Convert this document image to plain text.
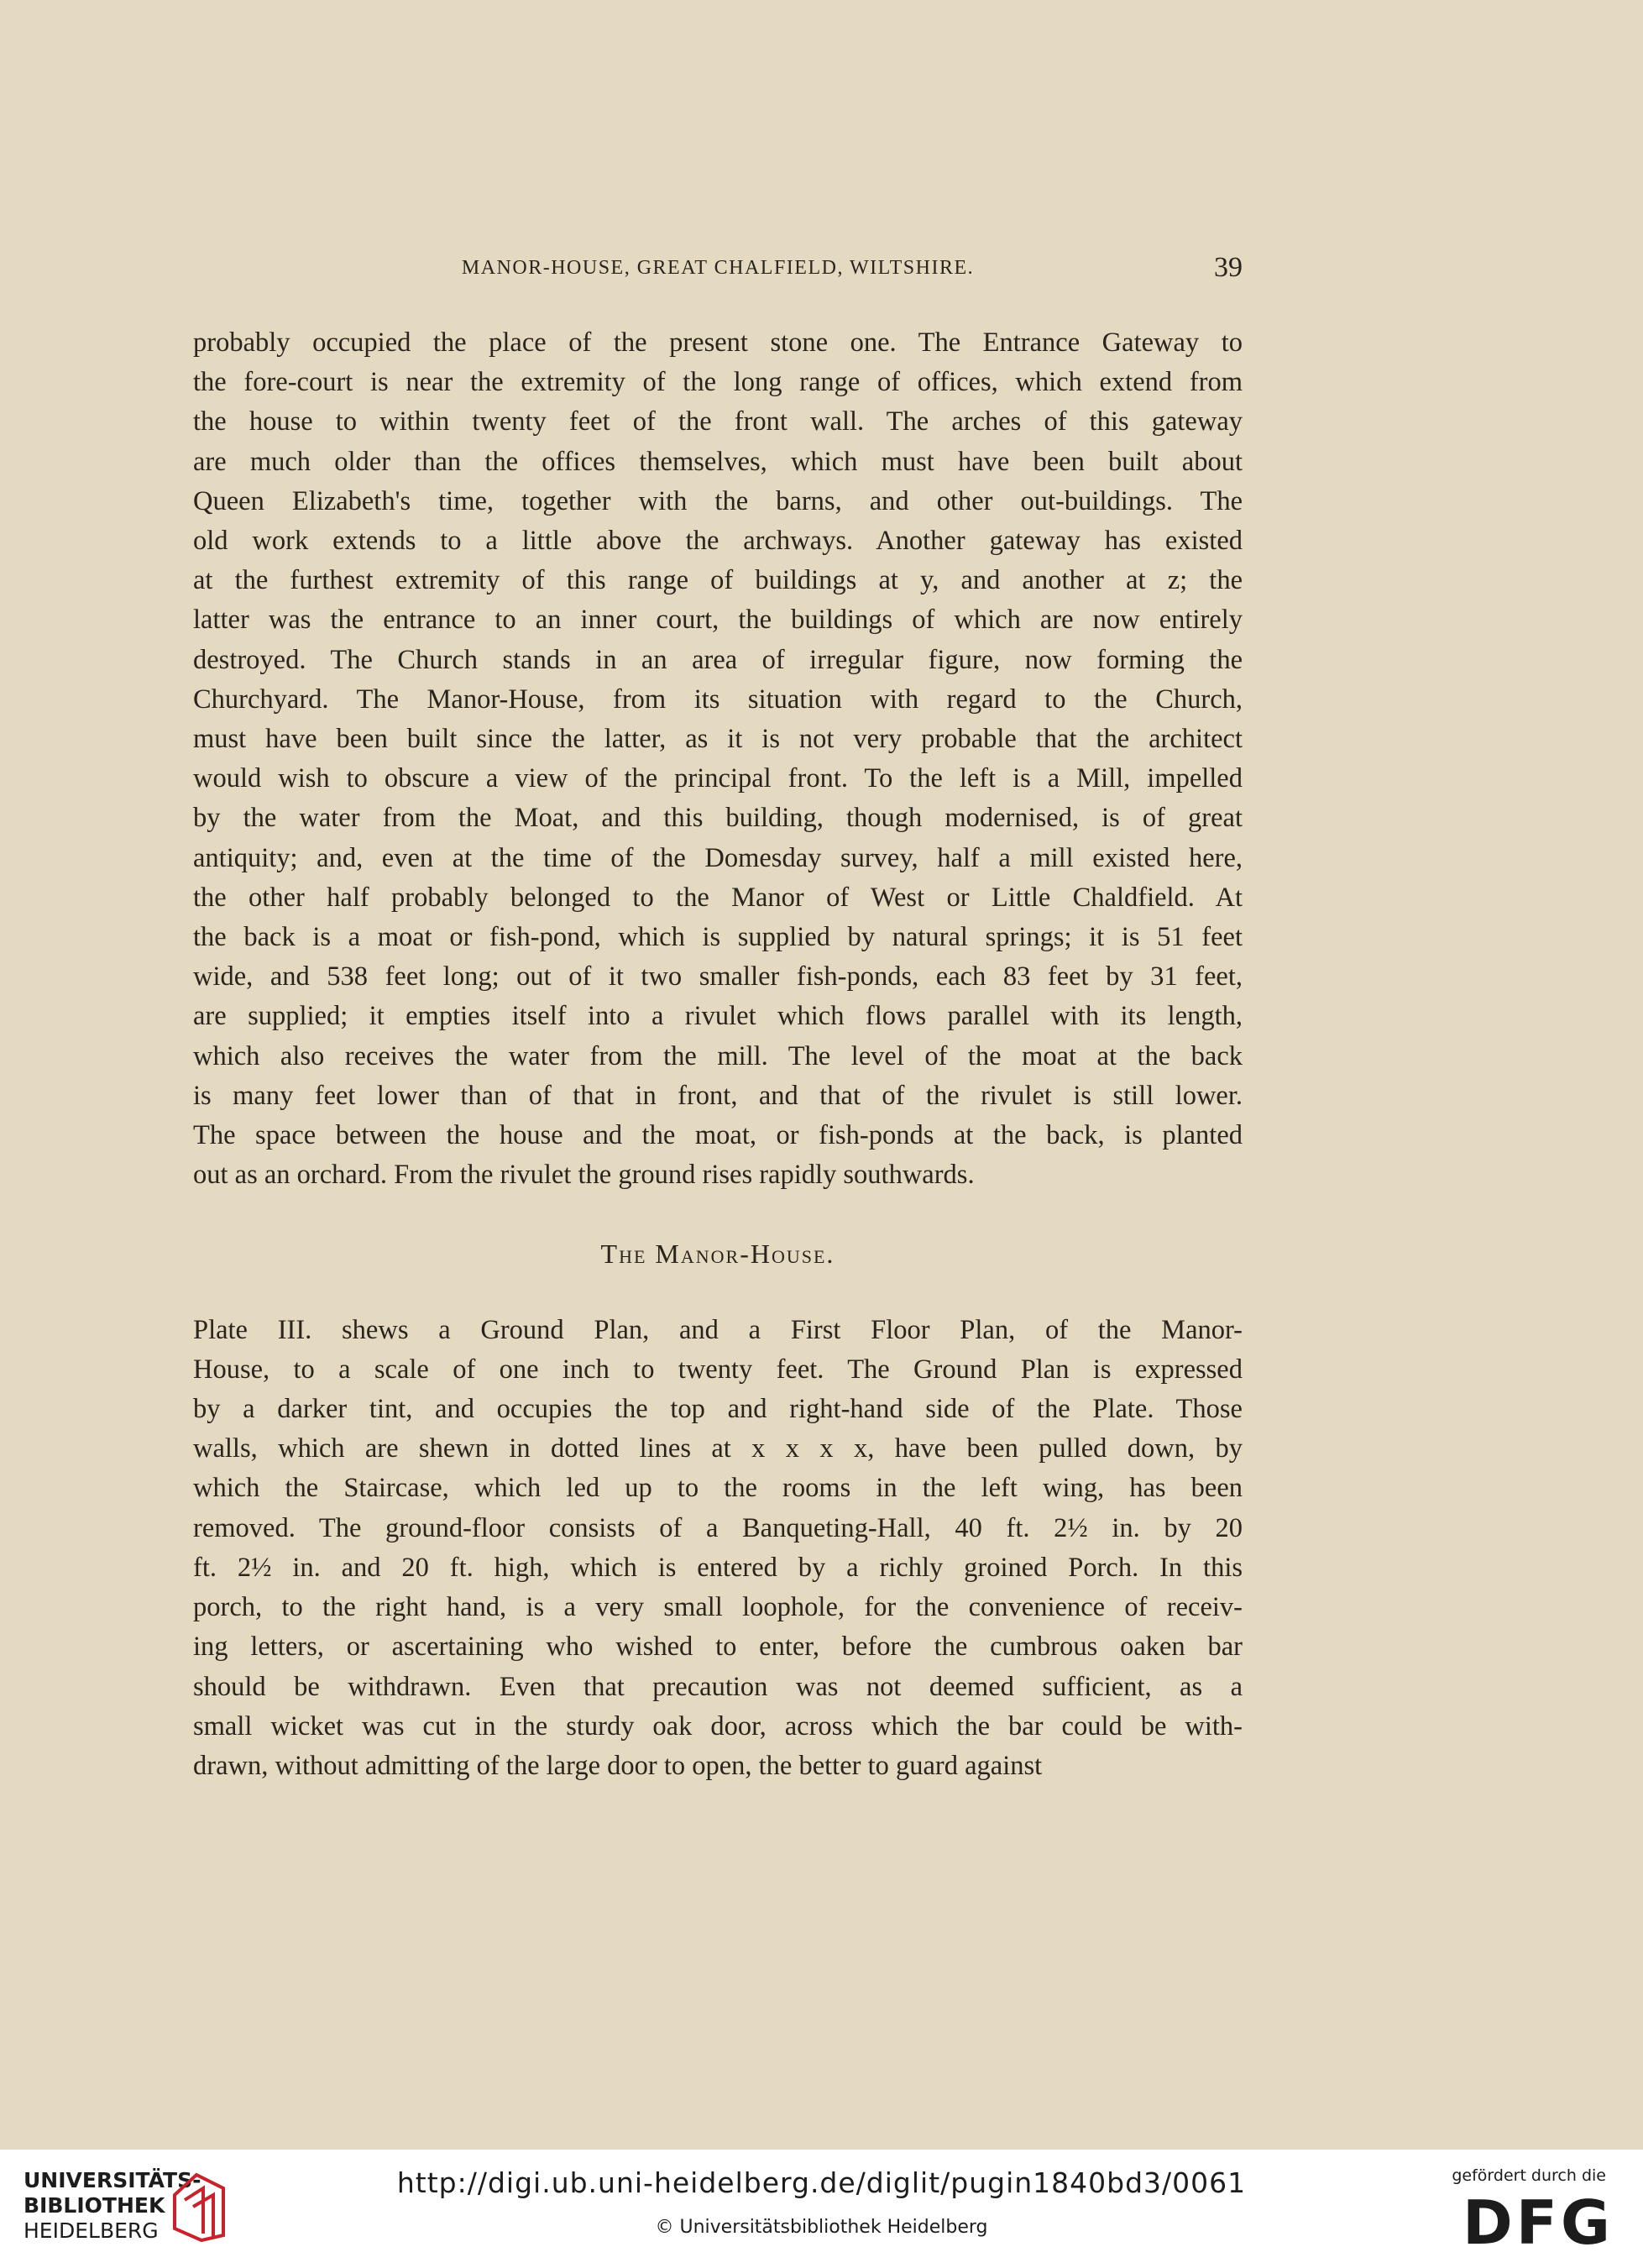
MANOR-HOUSE, GREAT CHALFIELD, WILTSHIRE.	39

probably occupied the place of the present stone one. The Entrance Gateway to
the fore-court is near the extremity of the long range of offices, which extend from
the house to within twenty feet of the front wall. The arches of this gateway
are much older than the offices themselves, which must have been built about
Queen Elizabeth's time, together with the barns, and other out-buildings. The
old work extends to a little above the archways. Another gateway has existed
at the furthest extremity of this range of buildings at y, and another at z; the
latter was the entrance to an inner court, the buildings of which are now entirely
destroyed. The Church stands in an area of irregular figure, now forming the
Churchyard. The Manor-House, from its situation with regard to the Church,
must have been built since the latter, as it is not very probable that the architect
would wish to obscure a view of the principal front. To the left is a Mill, impelled
by the water from the Moat, and this building, though modernised, is of great
antiquity; and, even at the time of the Domesday survey, half a mill existed here,
the other half probably belonged to the Manor of West or Little Chaldfield. At
the back is a moat or fish-pond, which is supplied by natural springs; it is 51 feet
wide, and 538 feet long; out of it two smaller fish-ponds, each 83 feet by 31 feet,
are supplied; it empties itself into a rivulet which flows parallel with its length,
which also receives the water from the mill. The level of the moat at the back
is many feet lower than of that in front, and that of the rivulet is still lower.
The space between the house and the moat, or fish-ponds at the back, is planted
out as an orchard. From the rivulet the ground rises rapidly southwards.

The Manor-House.

Plate III. shews a Ground Plan, and a First Floor Plan, of the Manor-
House, to a scale of one inch to twenty feet. The Ground Plan is expressed
by a darker tint, and occupies the top and right-hand side of the Plate. Those
walls, which are shewn in dotted lines at x x x x, have been pulled down, by
which the Staircase, which led up to the rooms in the left wing, has been
removed. The ground-floor consists of a Banqueting-Hall, 40 ft. 2½ in. by 20
ft. 2½ in. and 20 ft. high, which is entered by a richly groined Porch. In this
porch, to the right hand, is a very small loophole, for the convenience of receiv-
ing letters, or ascertaining who wished to enter, before the cumbrous oaken bar
should be withdrawn. Even that precaution was not deemed sufficient, as a
small wicket was cut in the sturdy oak door, across which the bar could be with-
drawn, without admitting of the large door to open, the better to guard against

UNIVERSITÄTS-
BIBLIOTHEK
HEIDELBERG
http://digi.ub.uni-heidelberg.de/diglit/pugin1840bd3/0061
© Universitätsbibliothek Heidelberg
gefördert durch die
DFG
